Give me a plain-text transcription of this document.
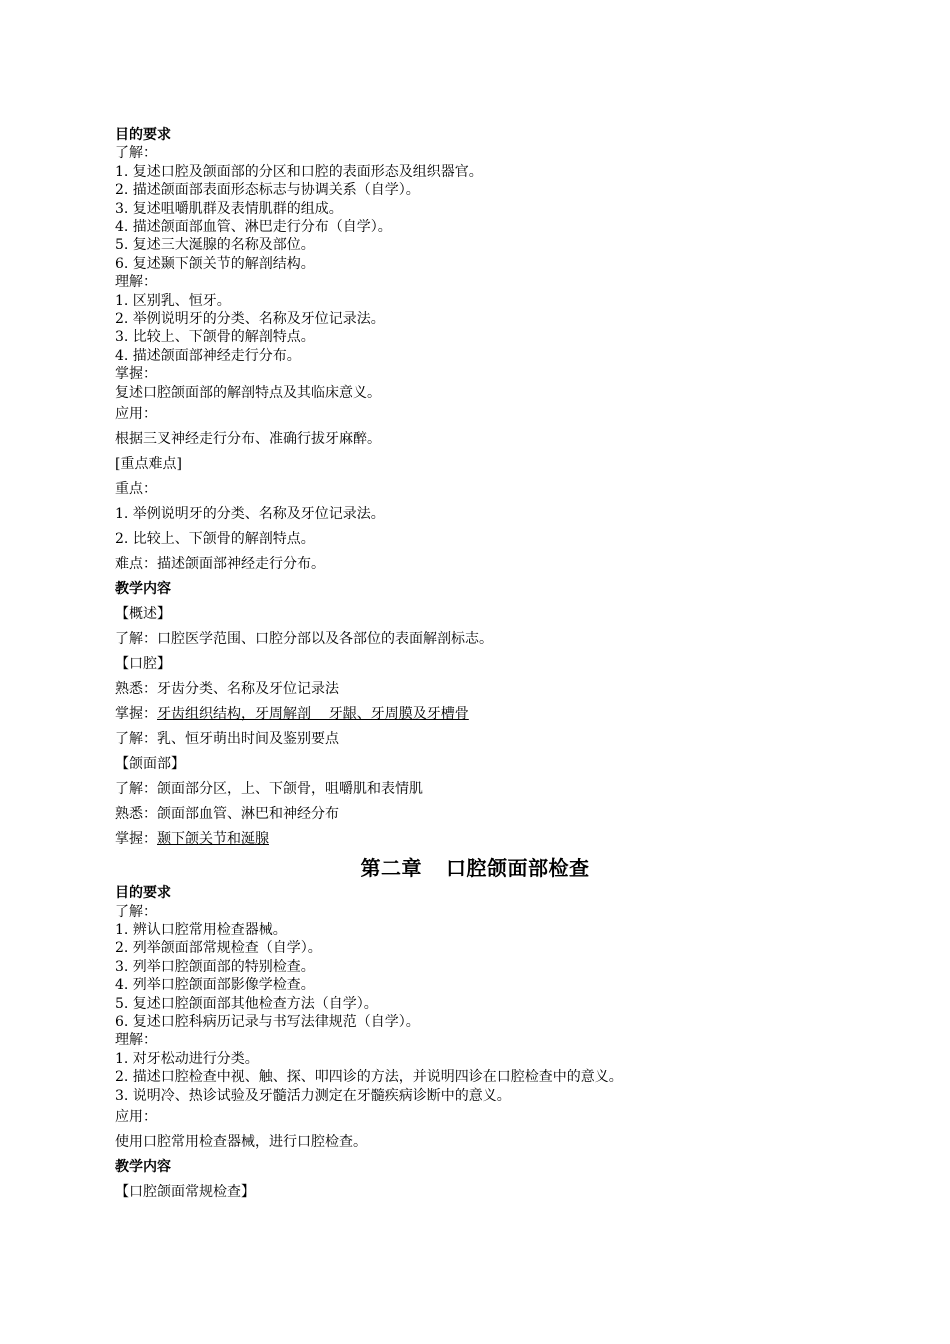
目的要求
了解：
1. 复述口腔及颌面部的分区和口腔的表面形态及组织器官。
2. 描述颌面部表面形态标志与协调关系（自学）。
3. 复述咀嚼肌群及表情肌群的组成。
4. 描述颌面部血管、淋巴走行分布（自学）。
5. 复述三大涎腺的名称及部位。
6. 复述颞下颌关节的解剖结构。
理解：
1. 区别乳、恒牙。
2. 举例说明牙的分类、名称及牙位记录法。
3. 比较上、下颌骨的解剖特点。
4. 描述颌面部神经走行分布。
掌握：
复述口腔颌面部的解剖特点及其临床意义。
应用：
根据三叉神经走行分布、准确行拔牙麻醉。
[重点难点]
重点：
1. 举例说明牙的分类、名称及牙位记录法。
2. 比较上、下颌骨的解剖特点。
难点：描述颌面部神经走行分布。
教学内容
【概述】
了解：口腔医学范围、口腔分部以及各部位的表面解剖标志。
【口腔】
熟悉：牙齿分类、名称及牙位记录法
掌握：牙齿组织结构，牙周解剖    牙龈、牙周膜及牙槽骨
了解：乳、恒牙萌出时间及鉴别要点
【颌面部】
了解：颌面部分区，上、下颌骨，咀嚼肌和表情肌
熟悉：颌面部血管、淋巴和神经分布
掌握：颞下颌关节和涎腺
第二章 口腔颌面部检查
目的要求
了解：
1. 辨认口腔常用检查器械。
2. 列举颌面部常规检查（自学）。
3. 列举口腔颌面部的特别检查。
4. 列举口腔颌面部影像学检查。
5. 复述口腔颌面部其他检查方法（自学）。
6. 复述口腔科病历记录与书写法律规范（自学）。
理解：
1. 对牙松动进行分类。
2. 描述口腔检查中视、触、探、叩四诊的方法，并说明四诊在口腔检查中的意义。
3. 说明冷、热诊试验及牙髓活力测定在牙髓疾病诊断中的意义。
应用：
使用口腔常用检查器械，进行口腔检查。
教学内容
【口腔颌面常规检查】
